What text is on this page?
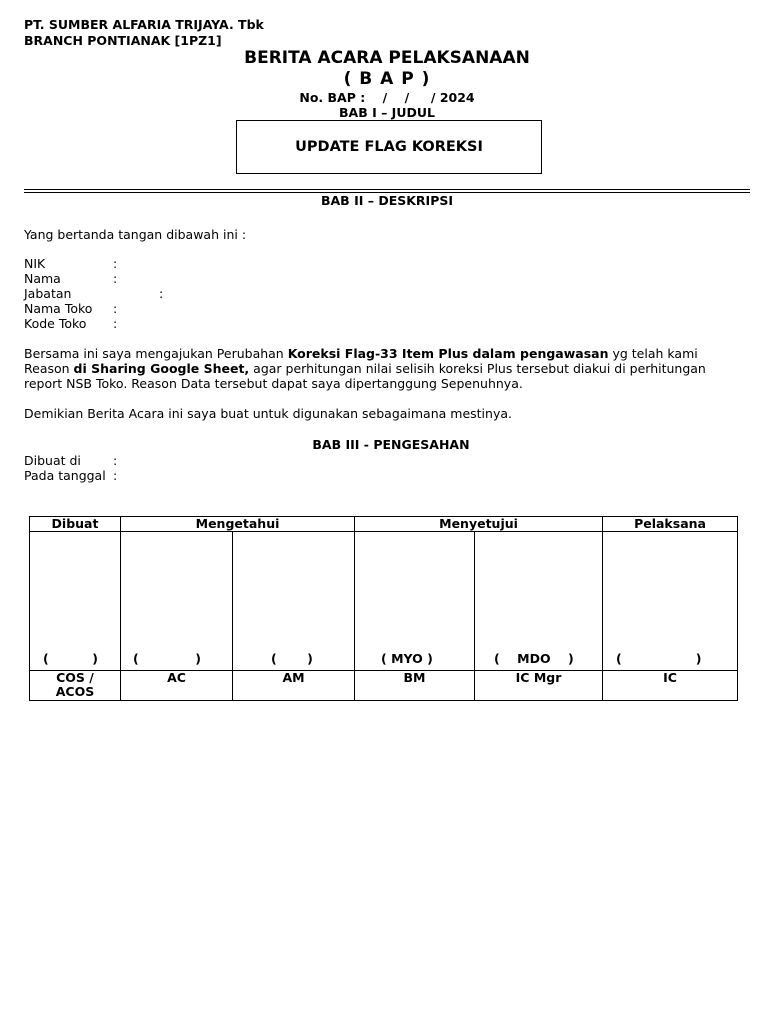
PT. SUMBER ALFARIA TRIJAYA. Tbk
BRANCH PONTIANAK [1PZ1]
BERITA ACARA PELAKSANAAN
( B A P )
No. BAP :    /    /     / 2024
BAB I – JUDUL
UPDATE FLAG KOREKSI
BAB II – DESKRIPSI
Yang bertanda tangan dibawah ini :
NIK	:
Nama	:
Jabatan	:
Nama Toko :
Kode Toko :
Bersama ini saya mengajukan Perubahan Koreksi Flag-33 Item Plus dalam pengawasan yg telah kami
Reason di Sharing Google Sheet, agar perhitungan nilai selisih koreksi Plus tersebut diakui di perhitungan
report NSB Toko. Reason Data tersebut dapat saya dipertanggung Sepenuhnya.
Demikian Berita Acara ini saya buat untuk digunakan sebagaimana mestinya.
BAB III - PENGESAHAN
Dibuat di	:
Pada tanggal :
Dibuat	Mengetahui		Menyetujui		Pelaksana

(          )	(             )	(       )	( MYO )	(    MDO    )	(                 )

COS /
ACOS	AC	AM	BM	IC Mgr	IC
